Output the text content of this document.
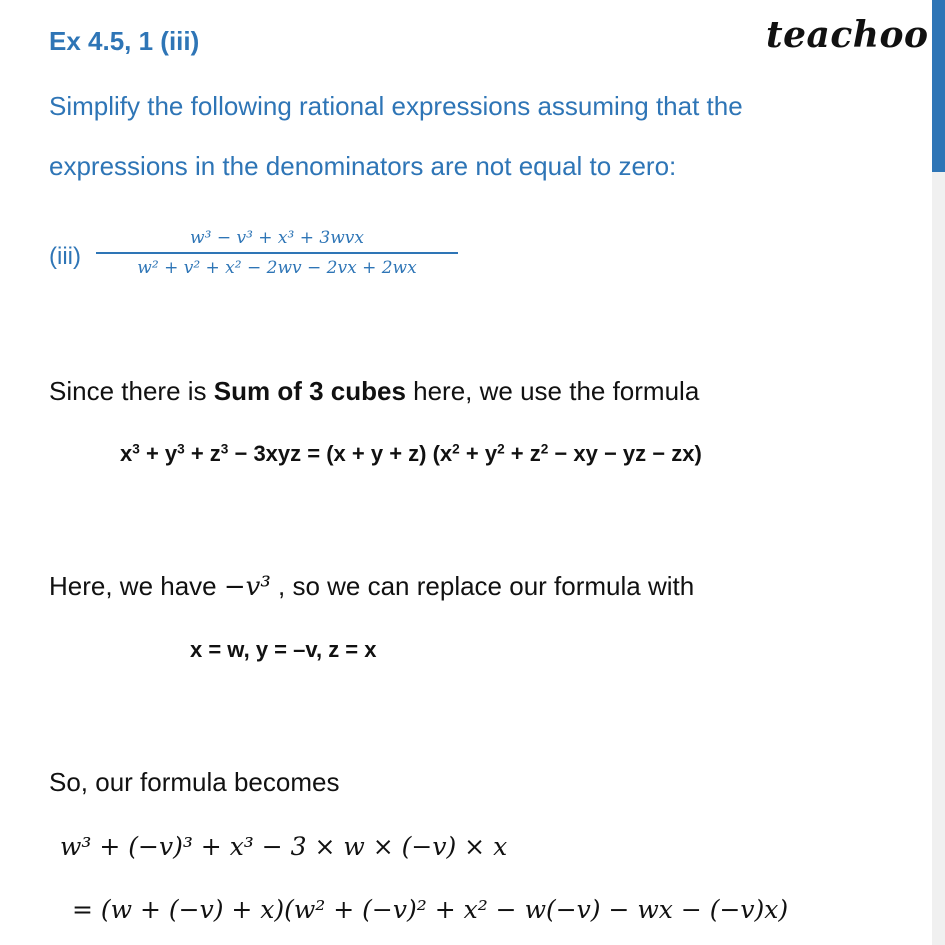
Ex 4.5, 1 (iii)	teachoo
Simplify the following rational expressions assuming that the
expressions in the denominators are not equal to zero:
(iii)
w³ − v³ + x³ + 3wvx
w² + v² + x² − 2wv − 2vx + 2wx
Since there is Sum of 3 cubes here, we use the formula
$x^3 + y^3 + z^3 - 3xyz = (x + y + z) (x^2 + y^2 + z^2$ − xy − yz − zx)
Here, we have −v³ , so we can replace our formula with
x = w, y = –v, z = x
So, our formula becomes
w³ + (−v)³ + x³ − 3 × w × (−v) × x
= (w + (−v) + x)(w² + (−v)² + x² − w(−v) − wx − (−v)x)
